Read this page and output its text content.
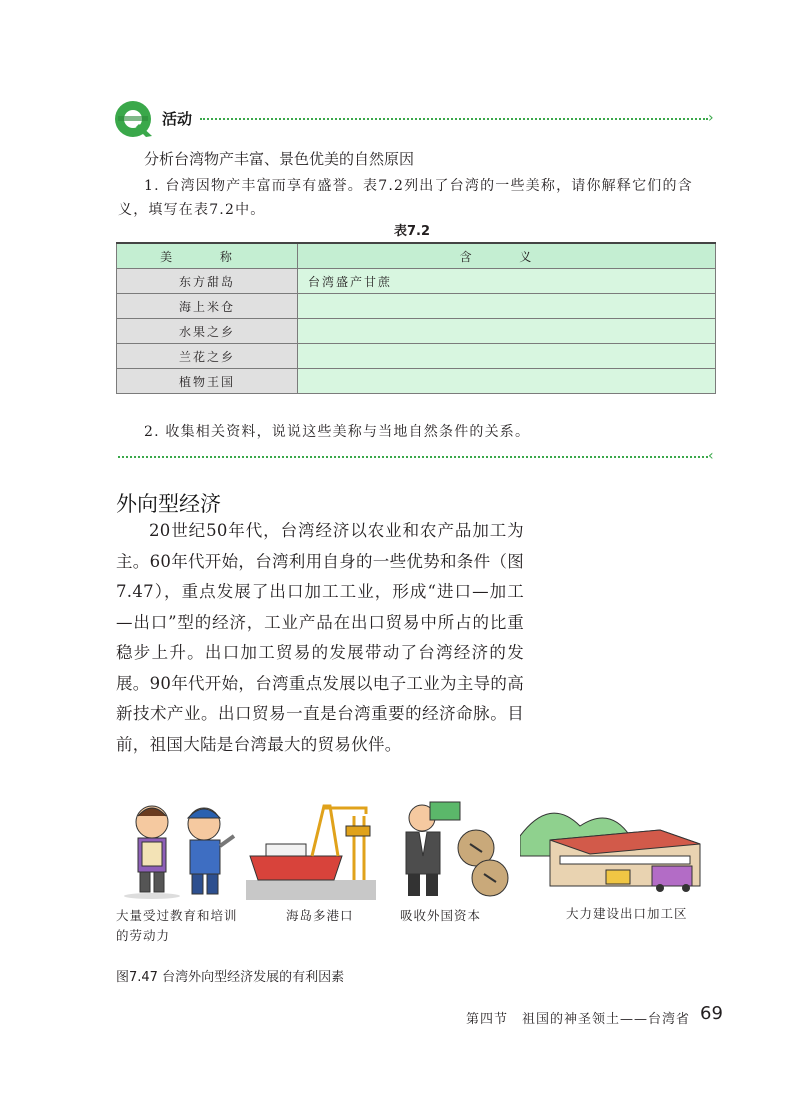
活动	›
分析台湾物产丰富、景色优美的自然原因
1. 台湾因物产丰富而享有盛誉。表7.2列出了台湾的一些美称，请你解释它们的含
义，填写在表7.2中。
表7.2
美 称	含 义
东方甜岛	台湾盛产甘蔗
海上米仓	
水果之乡	
兰花之乡	
植物王国	
2. 收集相关资料，说说这些美称与当地自然条件的关系。
‹
外向型经济
20世纪50年代，台湾经济以农业和农产品加工为主。60年代开始，台湾利用自身的一些优势和条件（图7.47），重点发展了出口加工工业，形成“进口—加工—出口”型的经济，工业产品在出口贸易中所占的比重稳步上升。出口加工贸易的发展带动了台湾经济的发展。90年代开始，台湾重点发展以电子工业为主导的高新技术产业。出口贸易一直是台湾重要的经济命脉。目前，祖国大陆是台湾最大的贸易伙伴。
大量受过教育和培训的劳动力
海岛多港口	吸收外国资本	大力建设出口加工区
图7.47 台湾外向型经济发展的有利因素
第四节　祖国的神圣领土——台湾省 69
